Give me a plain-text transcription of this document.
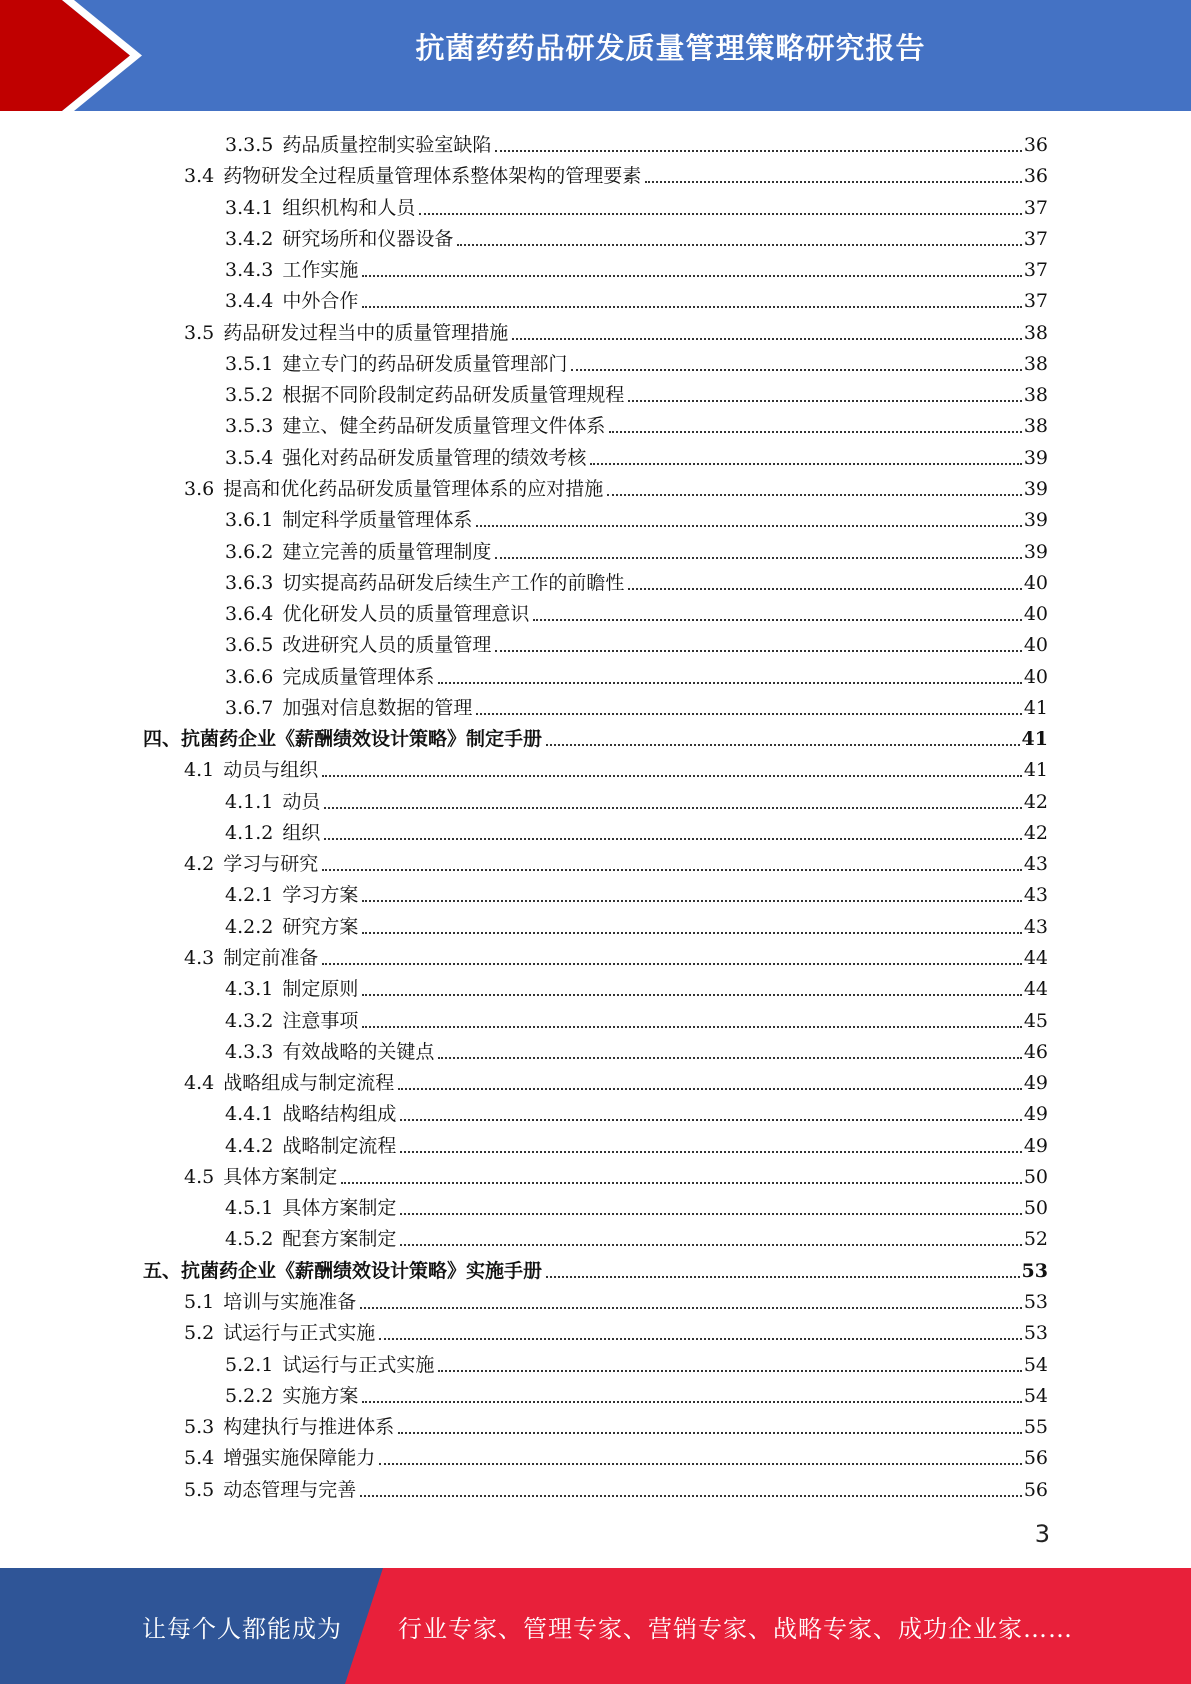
抗菌药药品研发质量管理策略研究报告
3.3.5 药品质量控制实验室缺陷	36
3.4 药物研发全过程质量管理体系整体架构的管理要素	36
3.4.1 组织机构和人员	37
3.4.2 研究场所和仪器设备	37
3.4.3 工作实施	37
3.4.4 中外合作	37
3.5 药品研发过程当中的质量管理措施	38
3.5.1 建立专门的药品研发质量管理部门	38
3.5.2 根据不同阶段制定药品研发质量管理规程	38
3.5.3 建立、健全药品研发质量管理文件体系	38
3.5.4 强化对药品研发质量管理的绩效考核	39
3.6 提高和优化药品研发质量管理体系的应对措施	39
3.6.1 制定科学质量管理体系	39
3.6.2 建立完善的质量管理制度	39
3.6.3 切实提高药品研发后续生产工作的前瞻性	40
3.6.4 优化研发人员的质量管理意识	40
3.6.5 改进研究人员的质量管理	40
3.6.6 完成质量管理体系	40
3.6.7 加强对信息数据的管理	41
四、抗菌药企业《薪酬绩效设计策略》制定手册	41
4.1 动员与组织	41
4.1.1 动员	42
4.1.2 组织	42
4.2 学习与研究	43
4.2.1 学习方案	43
4.2.2 研究方案	43
4.3 制定前准备	44
4.3.1 制定原则	44
4.3.2 注意事项	45
4.3.3 有效战略的关键点	46
4.4 战略组成与制定流程	49
4.4.1 战略结构组成	49
4.4.2 战略制定流程	49
4.5 具体方案制定	50
4.5.1 具体方案制定	50
4.5.2 配套方案制定	52
五、抗菌药企业《薪酬绩效设计策略》实施手册	53
5.1 培训与实施准备	53
5.2 试运行与正式实施	53
5.2.1 试运行与正式实施	54
5.2.2 实施方案	54
5.3 构建执行与推进体系	55
5.4 增强实施保障能力	56
5.5 动态管理与完善	56
3
让每个人都能成为 行业专家、管理专家、营销专家、战略专家、成功企业家……
